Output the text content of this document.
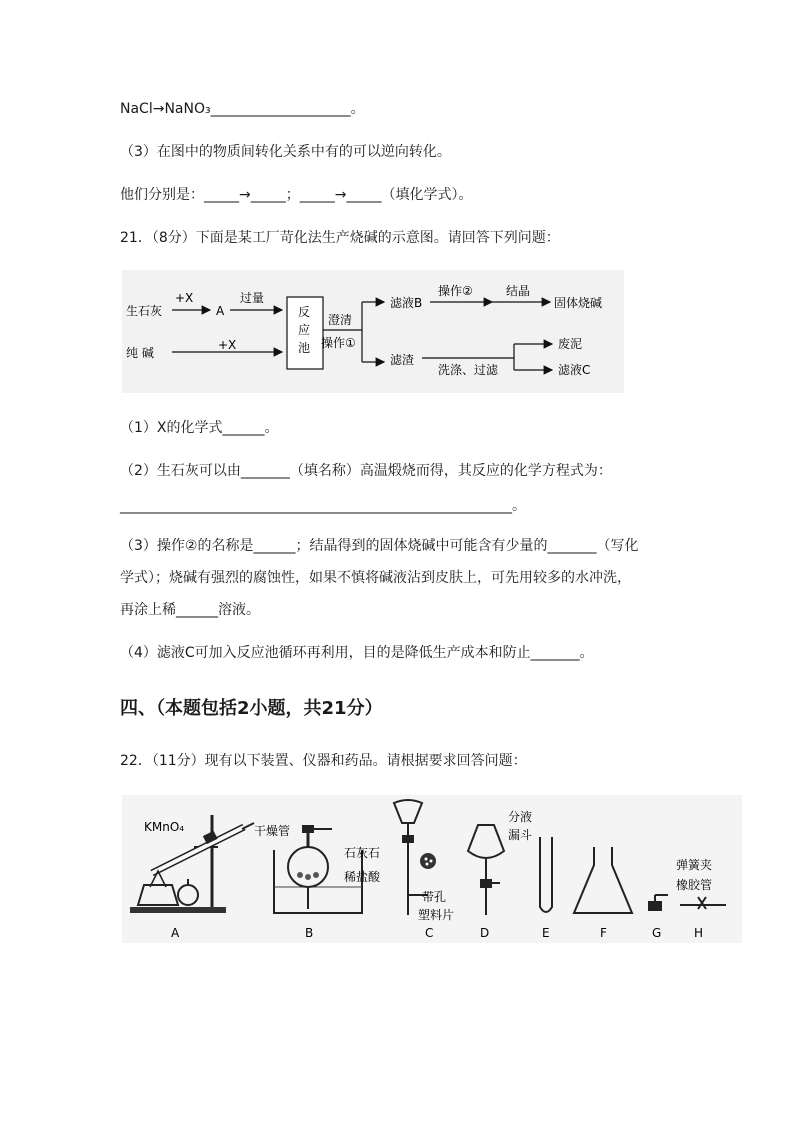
NaCl→NaNO₃____________________。
（3）在图中的物质间转化关系中有的可以逆向转化。
他们分别是：_____→_____；_____→_____（填化学式）。
21．（8分）下面是某工厂苛化法生产烧碱的示意图。请回答下列问题：
生石灰
+X
A
过量
反
应
池
纯 碱
+X
澄清
操作①
滤液B
操作②	结晶
固体烧碱
滤渣
洗涤、过滤
废泥
滤液C
（1）X的化学式______。
（2）生石灰可以由_______（填名称）高温煅烧而得，其反应的化学方程式为：
________________________________________________________。
（3）操作②的名称是______；结晶得到的固体烧碱中可能含有少量的_______（写化
学式）；烧碱有强烈的腐蚀性，如果不慎将碱液沾到皮肤上，可先用较多的水冲洗，
再涂上稀______溶液。
（4）滤液C可加入反应池循环再利用，目的是降低生产成本和防止_______。
四、（本题包括2小题，共21分）
22．（11分）现有以下装置、仪器和药品。请根据要求回答问题：
KMnO₄	干燥管
石灰石
稀盐酸
带孔
塑料片
分液
漏斗
弹簧夹
橡胶管
A	B	C	D	E	F	G	H
